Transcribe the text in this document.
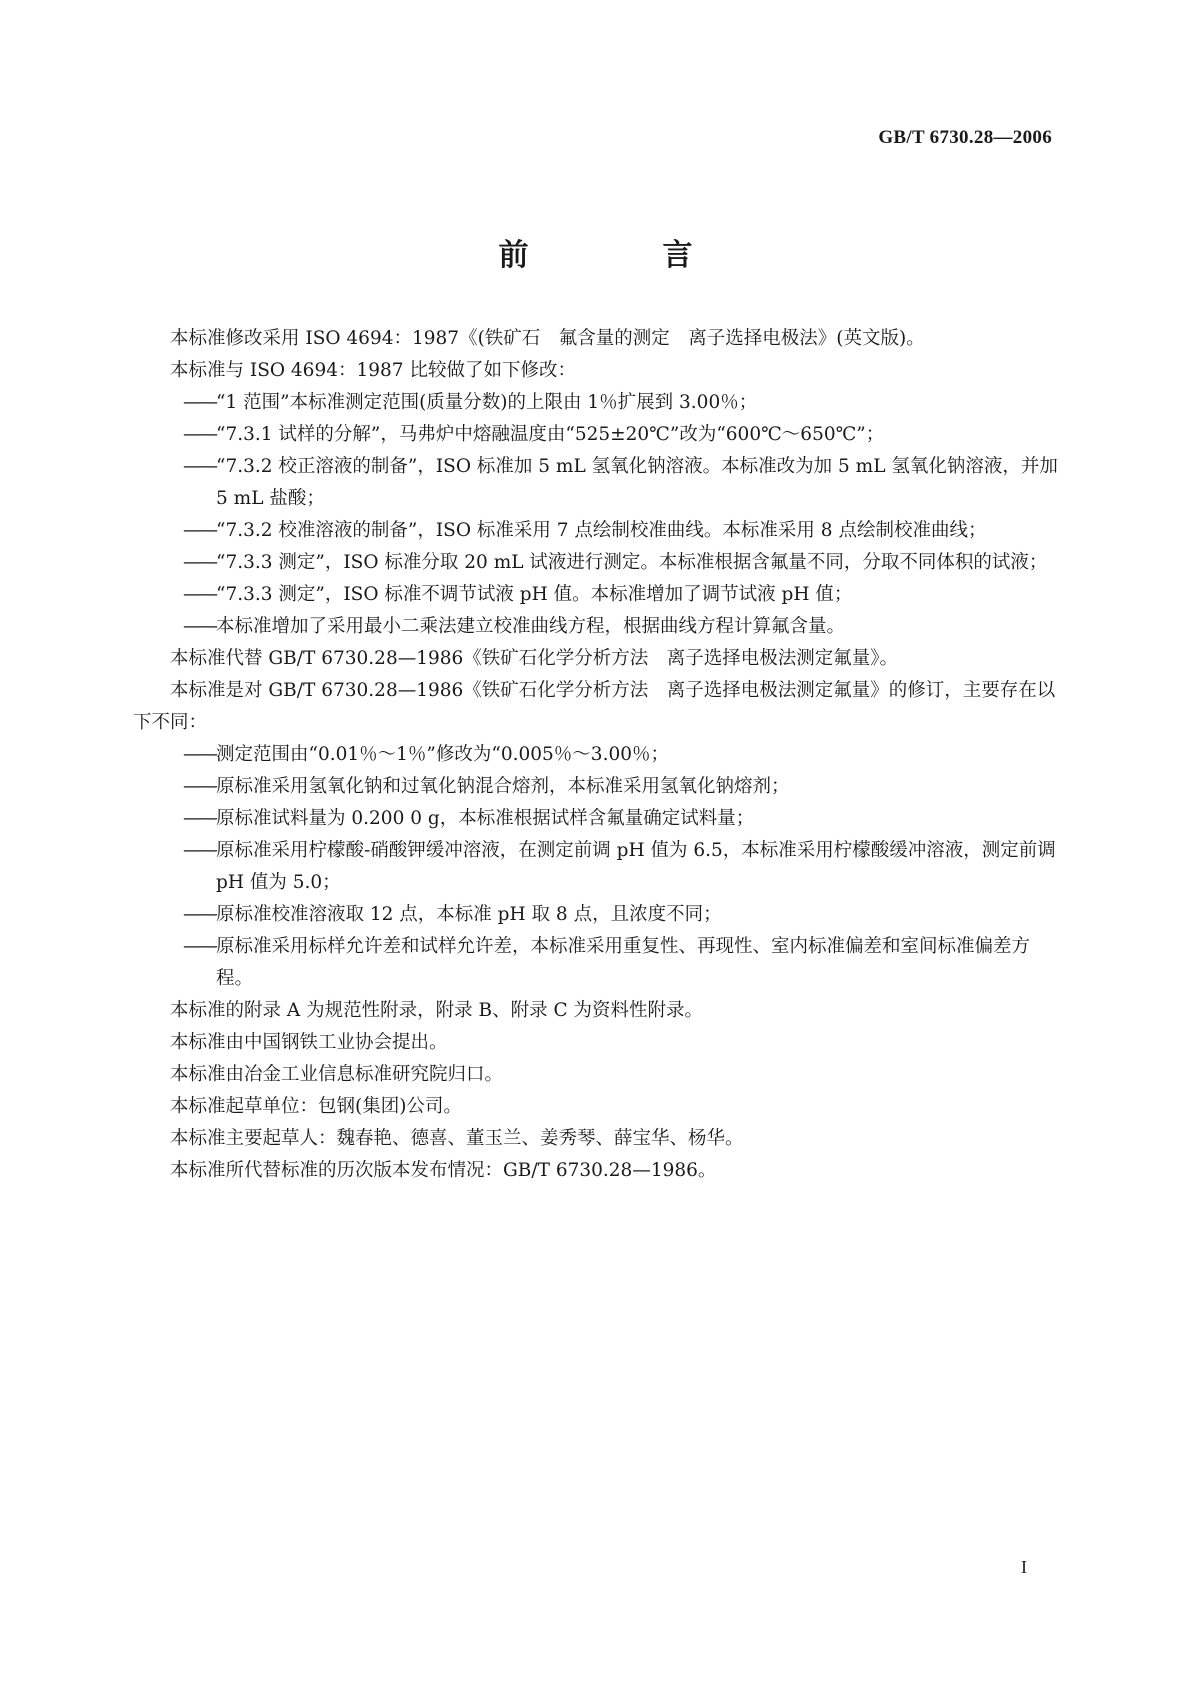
GB/T 6730.28—2006
前　言

本标准修改采用 ISO 4694：1987《(铁矿石　氟含量的测定　离子选择电极法》(英文版)。

本标准与 ISO 4694：1987 比较做了如下修改：

—— “1 范围”本标准测定范围(质量分数)的上限由 1％扩展到 3.00％；
—— “7.3.1 试样的分解”，马弗炉中熔融温度由“525±20℃”改为“600℃～650℃”；
—— “7.3.2 校正溶液的制备”，ISO 标准加 5 mL 氢氧化钠溶液。本标准改为加 5 mL 氢氧化钠溶液，并加 5 mL 盐酸；
—— “7.3.2 校准溶液的制备”，ISO 标准采用 7 点绘制校准曲线。本标准采用 8 点绘制校准曲线；
—— “7.3.3 测定”，ISO 标准分取 20 mL 试液进行测定。本标准根据含氟量不同，分取不同体积的试液；
—— “7.3.3 测定”，ISO 标准不调节试液 pH 值。本标准增加了调节试液 pH 值；
—— 本标准增加了采用最小二乘法建立校准曲线方程，根据曲线方程计算氟含量。

本标准代替 GB/T 6730.28—1986《铁矿石化学分析方法　离子选择电极法测定氟量》。

本标准是对 GB/T 6730.28—1986《铁矿石化学分析方法　离子选择电极法测定氟量》的修订，主要存在以下不同：

—— 测定范围由“0.01％～1％”修改为“0.005％～3.00％；
—— 原标准采用氢氧化钠和过氧化钠混合熔剂，本标准采用氢氧化钠熔剂；
—— 原标准试料量为 0.200 0 g，本标准根据试样含氟量确定试料量；
—— 原标准采用柠檬酸-硝酸钾缓冲溶液，在测定前调 pH 值为 6.5，本标准采用柠檬酸缓冲溶液，测定前调 pH 值为 5.0；
—— 原标准校准溶液取 12 点，本标准 pH 取 8 点，且浓度不同；
—— 原标准采用标样允许差和试样允许差，本标准采用重复性、再现性、室内标准偏差和室间标准偏差方程。

本标准的附录 A 为规范性附录，附录 B、附录 C 为资料性附录。

本标准由中国钢铁工业协会提出。

本标准由冶金工业信息标准研究院归口。

本标准起草单位：包钢(集团)公司。

本标准主要起草人：魏春艳、德喜、董玉兰、姜秀琴、薛宝华、杨华。

本标准所代替标准的历次版本发布情况：GB/T 6730.28—1986。

I
